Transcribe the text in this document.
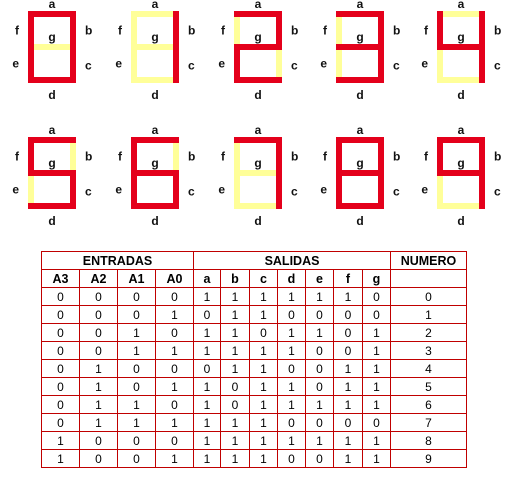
a
b
c
d
e
f g
a
b
c
d
e
f g
a
b
c
d
e
f g
a
b
c
d
e
f g
a
b
c
d
e
f g
a
b
c
d
e
f g
a
b
c
d
e
f g
a
b
c
d
e
f g
a
b
c
d
e
f g
a
b
c
d
e
f g
ENTRADAS				SALIDAS							NUMERO
A3	A2	A1	A0	a	b	c	d	e	f	g	
0	0	0	0	1	1	1	1	1	1	0	0
0	0	0	1	0	1	1	0	0	0	0	1
0	0	1	0	1	1	0	1	1	0	1	2
0	0	1	1	1	1	1	1	0	0	1	3
0	1	0	0	0	1	1	0	0	1	1	4
0	1	0	1	1	0	1	1	0	1	1	5
0	1	1	0	1	0	1	1	1	1	1	6
0	1	1	1	1	1	1	0	0	0	0	7
1	0	0	0	1	1	1	1	1	1	1	8
1	0	0	1	1	1	1	0	0	1	1	9
